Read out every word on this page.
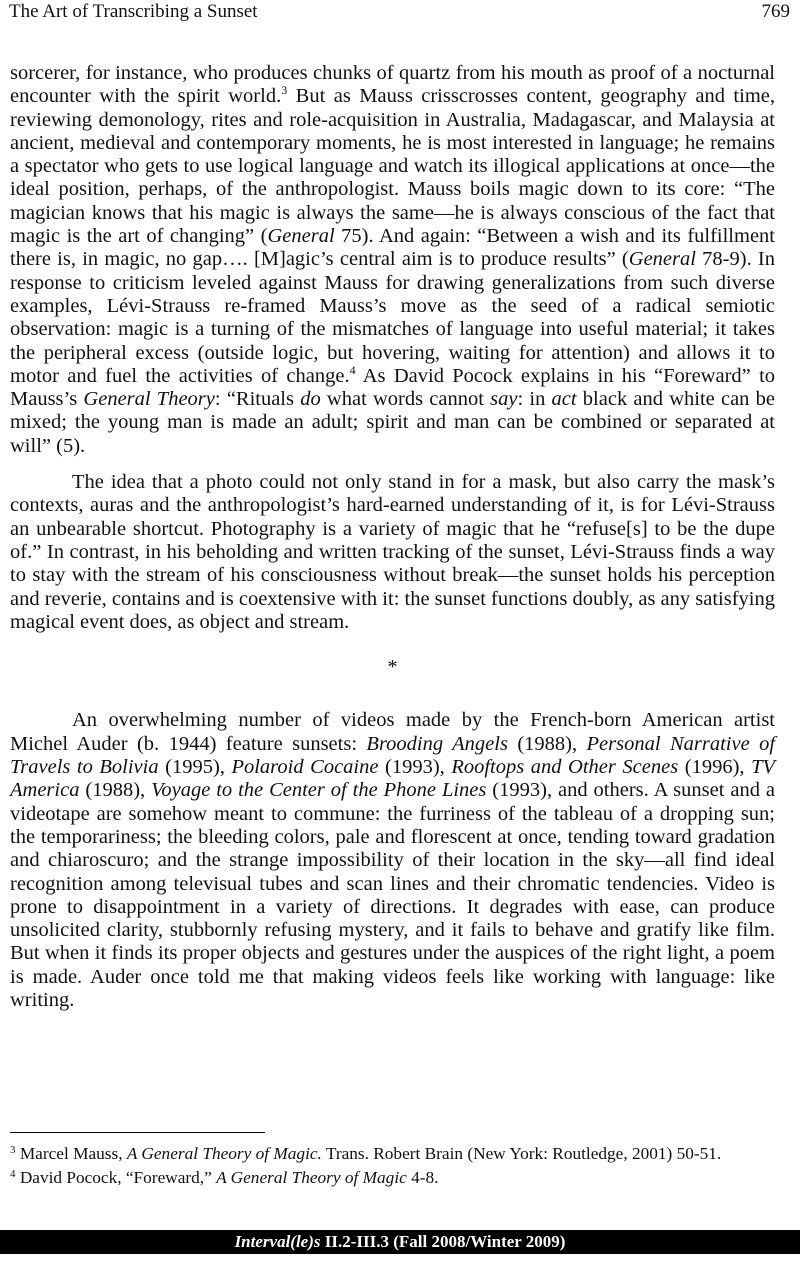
The Art of Transcribing a Sunset	769

sorcerer, for instance, who produces chunks of quartz from his mouth as proof of a nocturnal encounter with the spirit world.$^3$ But as Mauss crisscrosses content, geography and time, reviewing demonology, rites and role-acquisition in Australia, Madagascar, and Malaysia at ancient, medieval and contemporary moments, he is most interested in language; he remains a spectator who gets to use logical language and watch its illogical applications at once—the ideal position, perhaps, of the anthropologist. Mauss boils magic down to its core: “The magician knows that his magic is always the same—he is always conscious of the fact that magic is the art of changing” (General 75). And again: “Between a wish and its fulfillment there is, in magic, no gap…. [M]agic’s central aim is to produce results” (General 78-9). In response to criticism leveled against Mauss for drawing generalizations from such diverse examples, Lévi-Strauss re-framed Mauss’s move as the seed of a radical semiotic observation: magic is a turning of the mismatches of language into useful material; it takes the peripheral excess (outside logic, but hovering, waiting for attention) and allows it to motor and fuel the activities of change.$^4$ As David Pocock explains in his “Foreward” to Mauss’s General Theory: “Rituals do what words cannot say: in act black and white can be mixed; the young man is made an adult; spirit and man can be combined or separated at will” (5).

The idea that a photo could not only stand in for a mask, but also carry the mask’s contexts, auras and the anthropologist’s hard-earned understanding of it, is for Lévi-Strauss an unbearable shortcut. Photography is a variety of magic that he “refuse[s] to be the dupe of.” In contrast, in his beholding and written tracking of the sunset, Lévi-Strauss finds a way to stay with the stream of his consciousness without break—the sunset holds his perception and reverie, contains and is coextensive with it: the sunset functions doubly, as any satisfying magical event does, as object and stream.

*

An overwhelming number of videos made by the French-born American artist Michel Auder (b. 1944) feature sunsets: Brooding Angels (1988), Personal Narrative of Travels to Bolivia (1995), Polaroid Cocaine (1993), Rooftops and Other Scenes (1996), TV America (1988), Voyage to the Center of the Phone Lines (1993), and others. A sunset and a videotape are somehow meant to commune: the furriness of the tableau of a dropping sun; the temporariness; the bleeding colors, pale and florescent at once, tending toward gradation and chiaroscuro; and the strange impossibility of their location in the sky—all find ideal recognition among televisual tubes and scan lines and their chromatic tendencies. Video is prone to disappointment in a variety of directions. It degrades with ease, can produce unsolicited clarity, stubbornly refusing mystery, and it fails to behave and gratify like film. But when it finds its proper objects and gestures under the auspices of the right light, a poem is made. Auder once told me that making videos feels like working with language: like writing.

$^3$ Marcel Mauss, A General Theory of Magic. Trans. Robert Brain (New York: Routledge, 2001) 50-51.

$^4$ David Pocock, “Foreward,” A General Theory of Magic 4-8.

Interval(le)s II.2-III.3 (Fall 2008/Winter 2009)
